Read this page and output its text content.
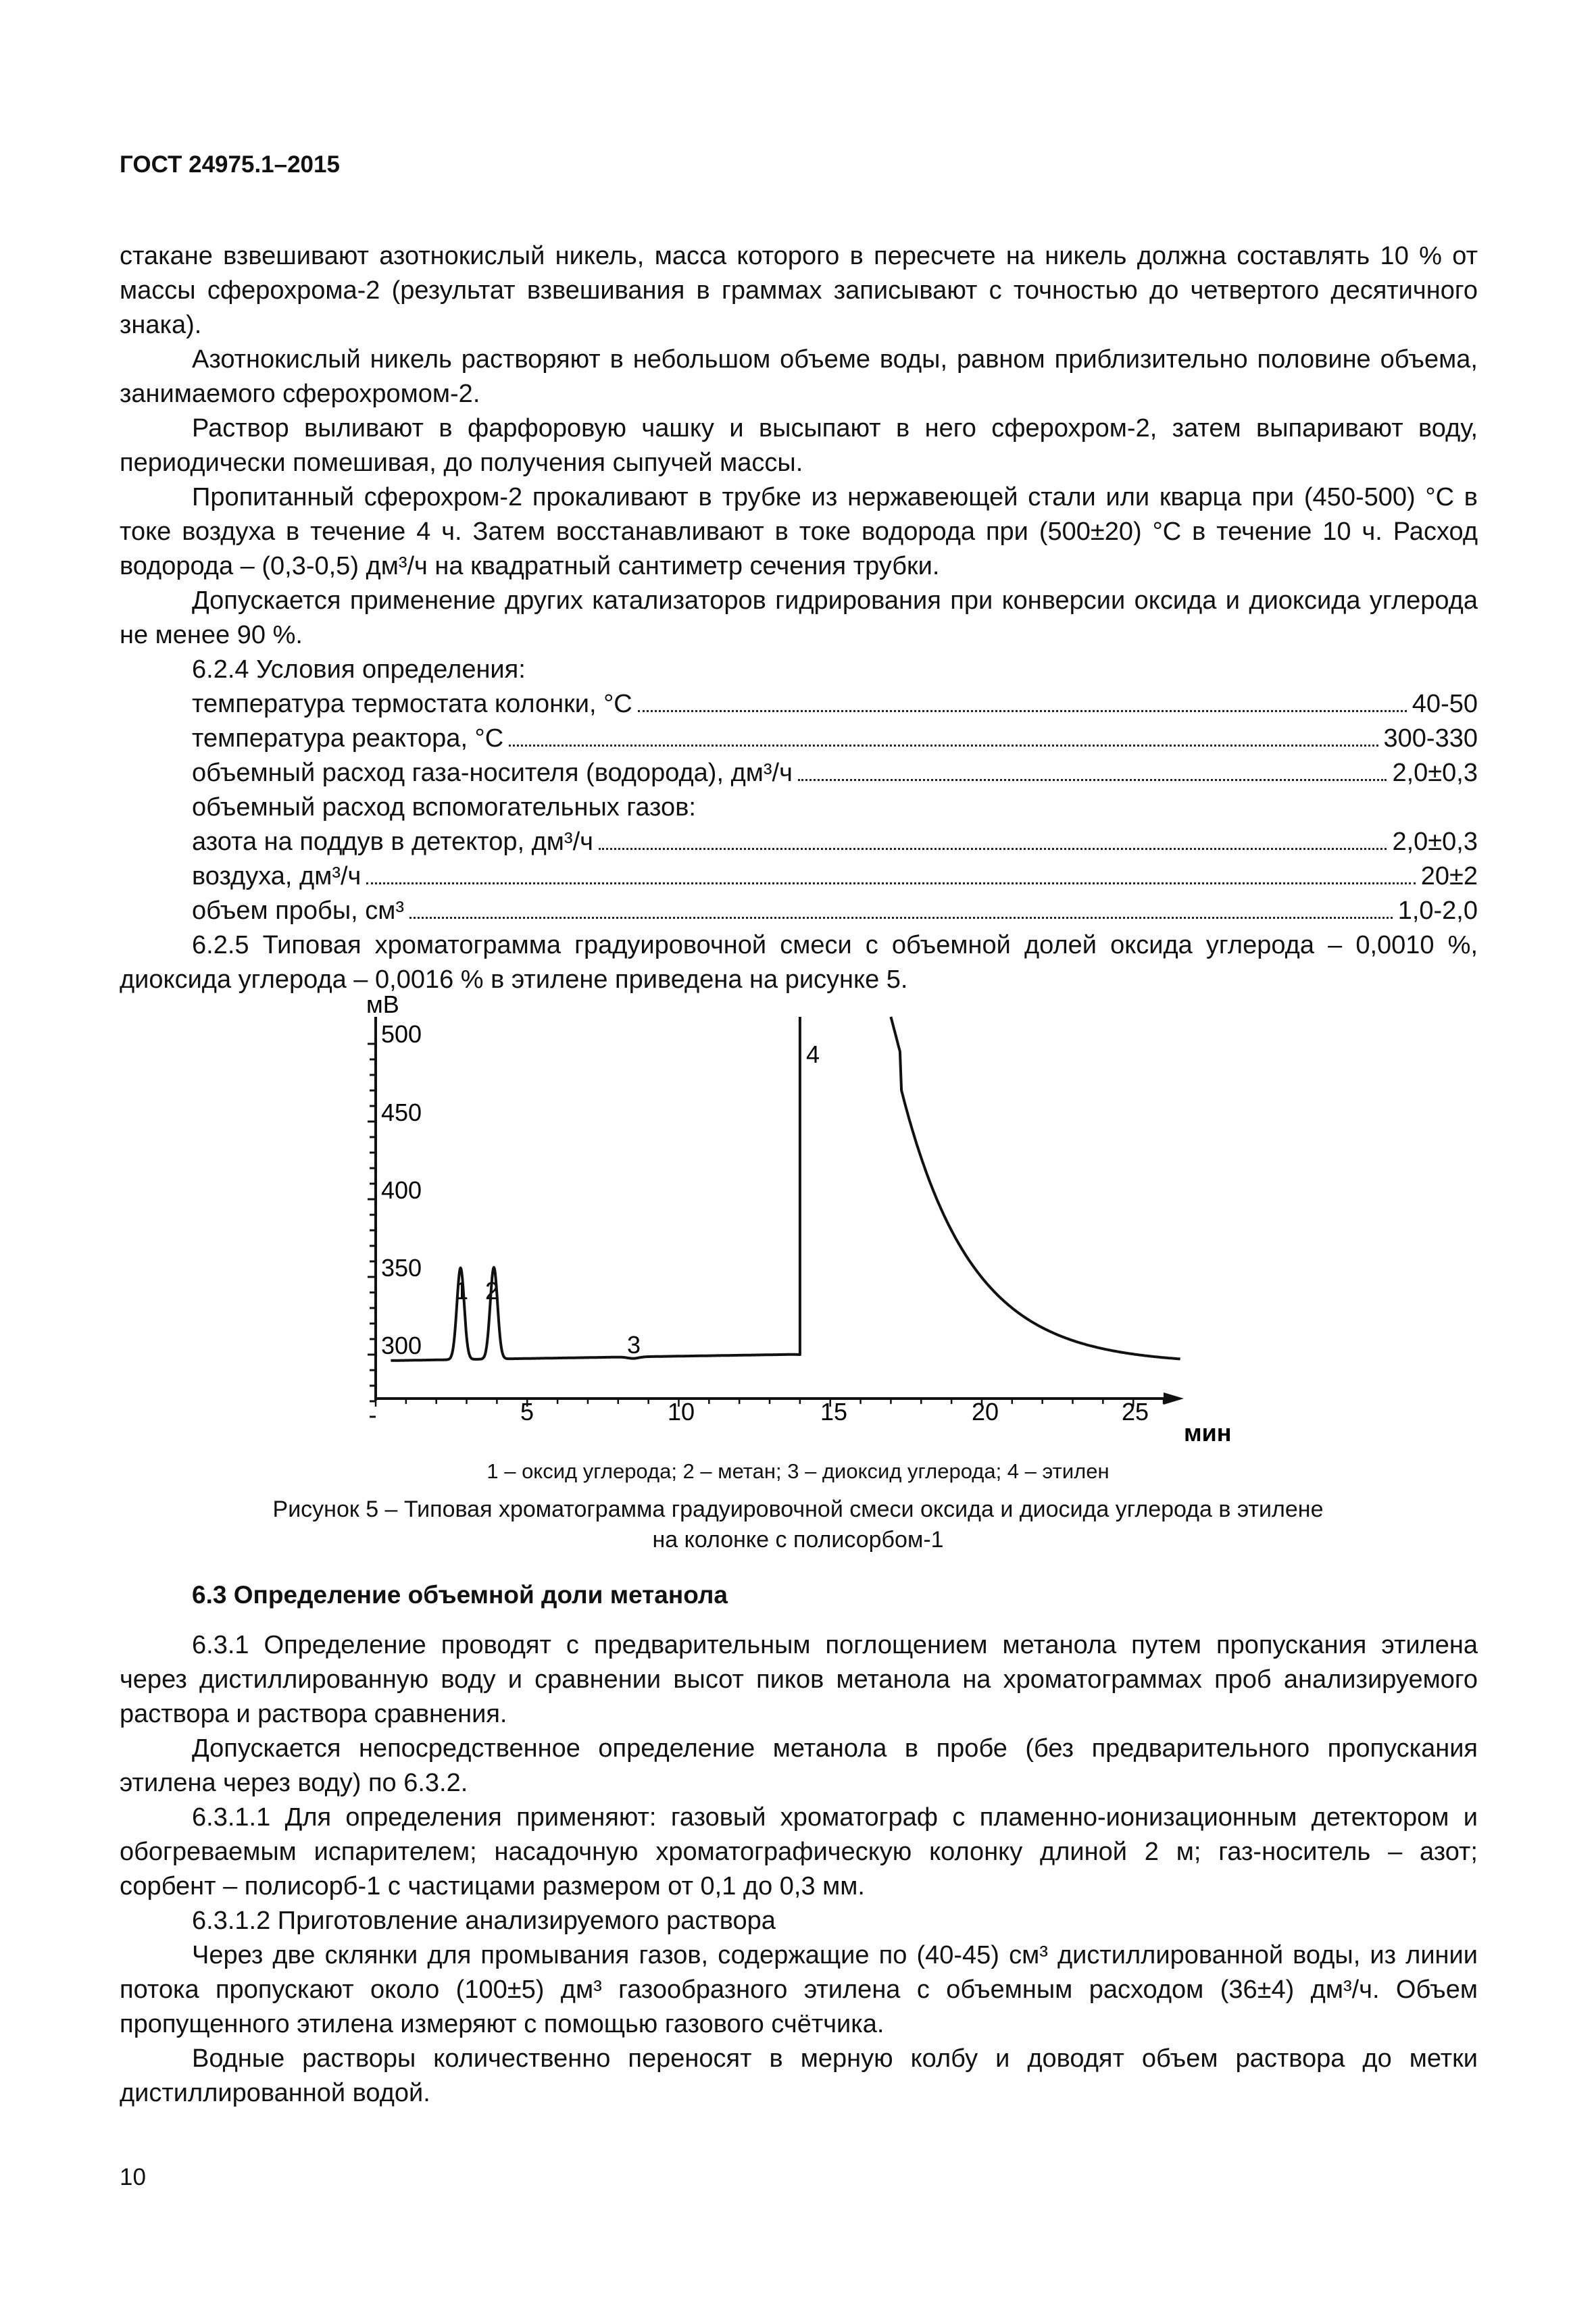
ГОСТ 24975.1–2015

стакане взвешивают азотнокислый никель, масса которого в пересчете на никель должна составлять 10 % от массы сферохрома-2 (результат взвешивания в граммах записывают с точностью до четвертого десятичного знака).

Азотнокислый никель растворяют в небольшом объеме воды, равном приблизительно половине объема, занимаемого сферохромом-2.

Раствор выливают в фарфоровую чашку и высыпают в него сферохром-2, затем выпаривают воду, периодически помешивая, до получения сыпучей массы.

Пропитанный сферохром-2 прокаливают в трубке из нержавеющей стали или кварца при (450-500) °С в токе воздуха в течение 4 ч. Затем восстанавливают в токе водорода при (500±20) °С в течение 10 ч. Расход водорода – (0,3-0,5) дм³/ч на квадратный сантиметр сечения трубки.

Допускается применение других катализаторов гидрирования при конверсии оксида и диоксида углерода не менее 90 %.

6.2.4 Условия определения:

температура термостата колонки, °С	40-50
температура реактора, °С	300-330
объемный расход газа-носителя (водорода), дм³/ч	2,0±0,3
объемный расход вспомогательных газов:
азота на поддув в детектор, дм³/ч	2,0±0,3
воздуха, дм³/ч	20±2
объем пробы, см³	1,0-2,0

6.2.5 Типовая хроматограмма градуировочной смеси с объемной долей оксида углерода – 0,0010 %, диоксида углерода – 0,0016 % в этилене приведена на рисунке 5.

мВ
мин
500
450
400
350
300
5	10	15	20	25
1 2
3
4
1 – оксид углерода; 2 – метан; 3 – диоксид углерода; 4 – этилен
Рисунок 5 – Типовая хроматограмма градуировочной смеси оксида и диосида углерода в этилене
на колонке с полисорбом-1
6.3 Определение объемной доли метанола

6.3.1 Определение проводят с предварительным поглощением метанола путем пропускания этилена через дистиллированную воду и сравнении высот пиков метанола на хроматограммах проб анализируемого раствора и раствора сравнения.

Допускается непосредственное определение метанола в пробе (без предварительного пропускания этилена через воду) по 6.3.2.

6.3.1.1 Для определения применяют: газовый хроматограф с пламенно-ионизационным детектором и обогреваемым испарителем; насадочную хроматографическую колонку длиной 2 м; газ-носитель – азот; сорбент – полисорб-1 с частицами размером от 0,1 до 0,3 мм.

6.3.1.2 Приготовление анализируемого раствора

Через две склянки для промывания газов, содержащие по (40-45) см³ дистиллированной воды, из линии потока пропускают около (100±5) дм³ газообразного этилена с объемным расходом (36±4) дм³/ч. Объем пропущенного этилена измеряют с помощью газового счётчика.

Водные растворы количественно переносят в мерную колбу и доводят объем раствора до метки дистиллированной водой.

10
